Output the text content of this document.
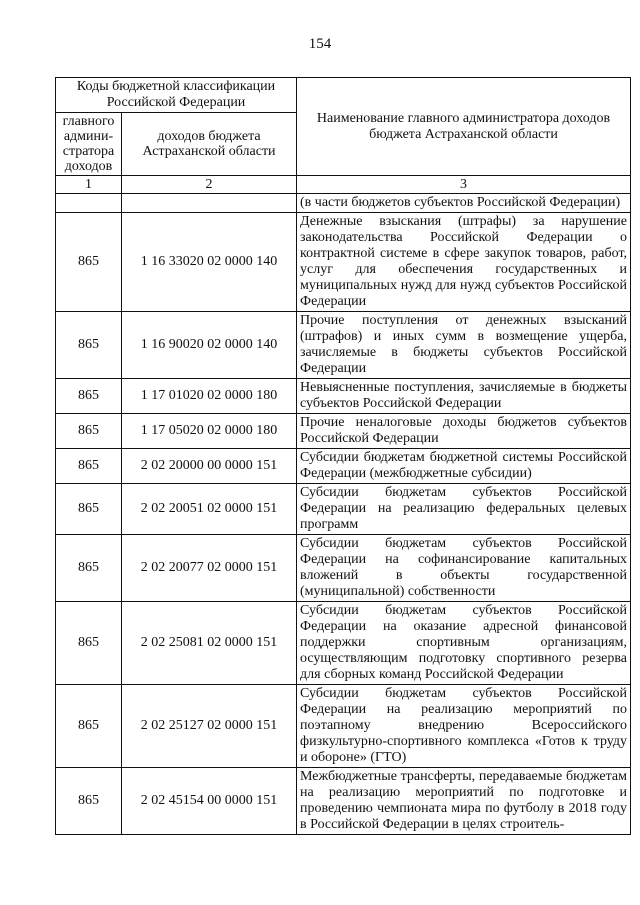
154
Коды бюджетной классификации Российской Федерации		Наименование главного администратора доходов бюджета Астраханской области
главного админи-стратора доходов	доходов бюджета Астраханской области	
1	2	3
		(в части бюджетов субъектов Российской Федерации)
865	1 16 33020 02 0000 140	Денежные взыскания (штрафы) за нарушение законодательства Российской Федерации о контрактной системе в сфере закупок товаров, работ, услуг для обеспечения государственных и муниципальных нужд для нужд субъектов Российской Федерации
865	1 16 90020 02 0000 140	Прочие поступления от денежных взысканий (штрафов) и иных сумм в возмещение ущерба, зачисляемые в бюджеты субъектов Российской Федерации
865	1 17 01020 02 0000 180	Невыясненные поступления, зачисляемые в бюджеты субъектов Российской Федерации
865	1 17 05020 02 0000 180	Прочие неналоговые доходы бюджетов субъектов Российской Федерации
865	2 02 20000 00 0000 151	Субсидии бюджетам бюджетной системы Российской Федерации (межбюджетные субсидии)
865	2 02 20051 02 0000 151	Субсидии бюджетам субъектов Российской Федерации на реализацию федеральных целевых программ
865	2 02 20077 02 0000 151	Субсидии бюджетам субъектов Российской Федерации на софинансирование капитальных вложений в объекты государственной (муниципальной) собственности
865	2 02 25081 02 0000 151	Субсидии бюджетам субъектов Российской Федерации на оказание адресной финансовой поддержки спортивным организациям, осуществляющим подготовку спортивного резерва для сборных команд Российской Федерации
865	2 02 25127 02 0000 151	Субсидии бюджетам субъектов Российской Федерации на реализацию мероприятий по поэтапному внедрению Всероссийского физкультурно-спортивного комплекса «Готов к труду и обороне» (ГТО)
865	2 02 45154 00 0000 151	Межбюджетные трансферты, передаваемые бюджетам на реализацию мероприятий по подготовке и проведению чемпионата мира по футболу в 2018 году в Российской Федерации в целях строитель-
